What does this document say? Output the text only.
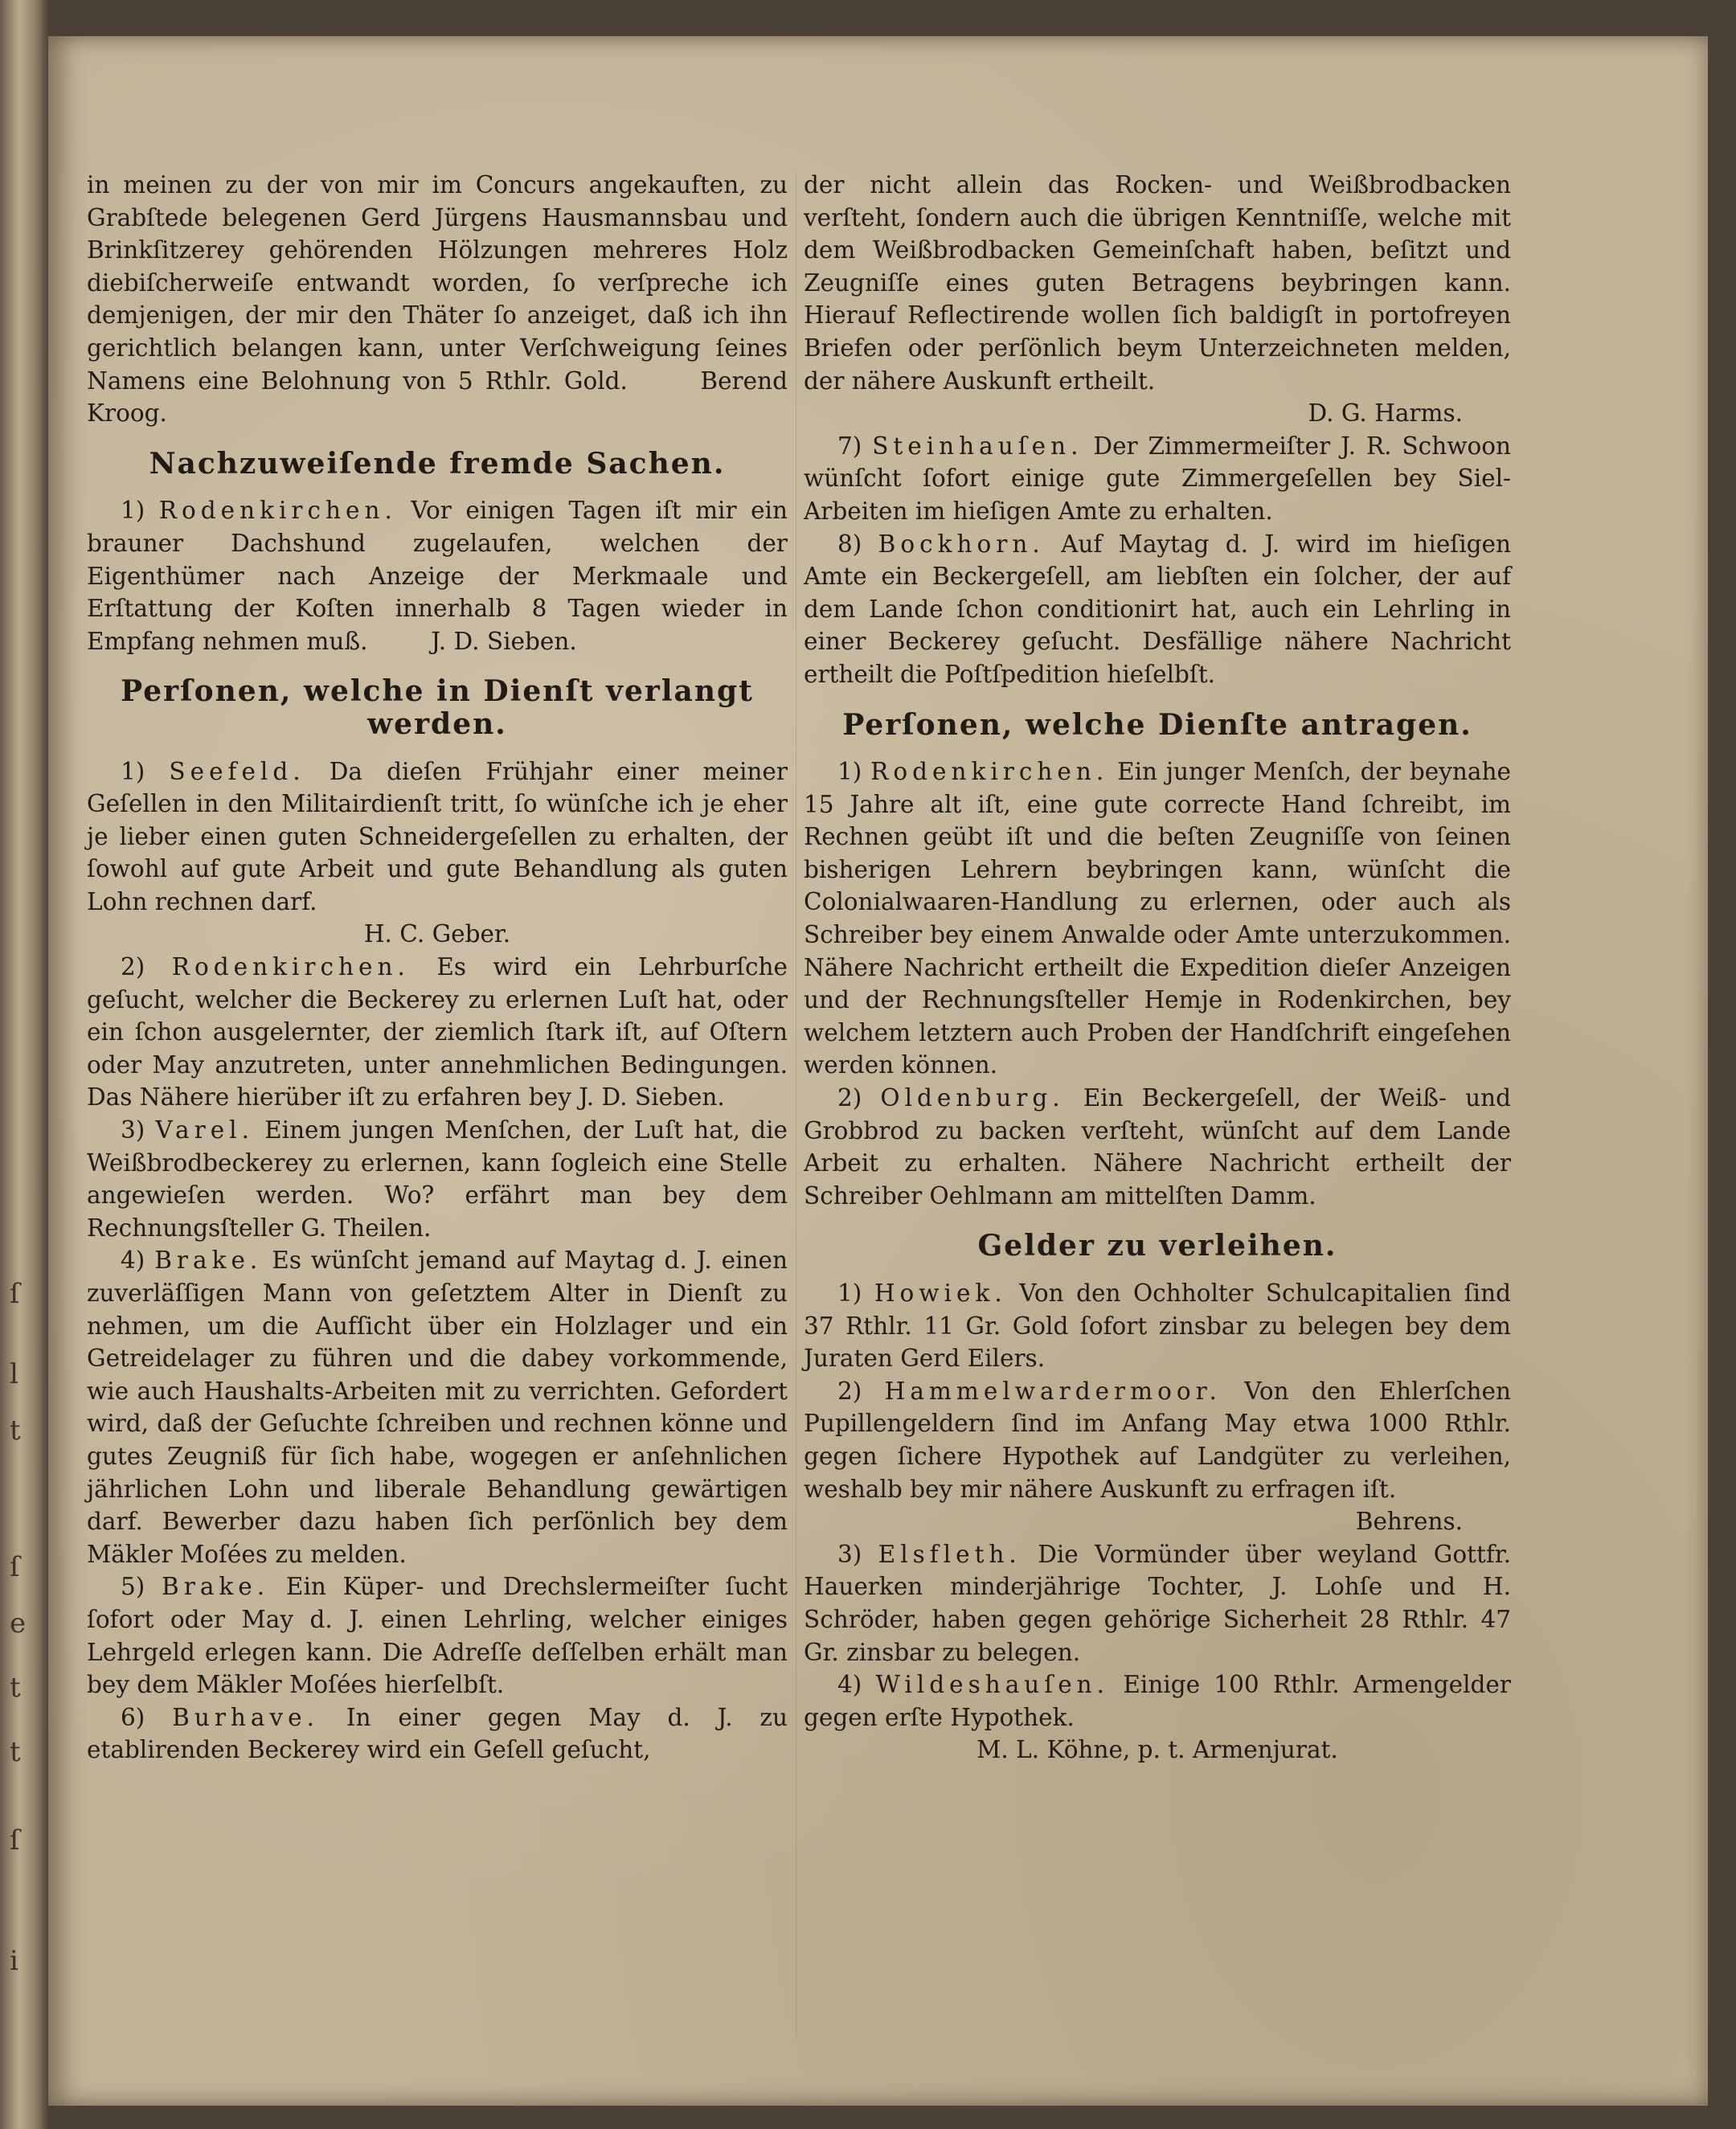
ſ
l
t
ſ
e
t
t
ſ
i

in meinen zu der von mir im Concurs angekauften, zu Grabſtede belegenen Gerd Jürgens Hausmannsbau und Brinkſitzerey gehörenden Hölzungen mehreres Holz diebiſcherweiſe entwandt worden, ſo verſpreche ich demjenigen, der mir den Thäter ſo anzeiget, daß ich ihn gerichtlich belangen kann, unter Verſchweigung ſeines Namens eine Belohnung von 5 Rthlr. Gold.	Berend Kroog.

Nachzuweiſende fremde Sachen.

1) Rodenkirchen. Vor einigen Tagen iſt mir ein brauner Dachshund zugelaufen, welchen der Eigenthümer nach Anzeige der Merkmaale und Erſtattung der Koſten innerhalb 8 Tagen wieder in Empfang nehmen muß.	J. D. Sieben.

Perſonen, welche in Dienſt verlangt werden.

1) Seefeld. Da dieſen Frühjahr einer meiner Geſellen in den Militairdienſt tritt, ſo wünſche ich je eher je lieber einen guten Schneidergeſellen zu erhalten, der ſowohl auf gute Arbeit und gute Behandlung als guten Lohn rechnen darf.

H. C. Geber.

2) Rodenkirchen. Es wird ein Lehrburſche geſucht, welcher die Beckerey zu erlernen Luſt hat, oder ein ſchon ausgelernter, der ziemlich ſtark iſt, auf Oſtern oder May anzutreten, unter annehmlichen Bedingungen. Das Nähere hierüber iſt zu erfahren bey J. D. Sieben.

3) Varel. Einem jungen Menſchen, der Luſt hat, die Weißbrodbeckerey zu erlernen, kann ſogleich eine Stelle angewieſen werden. Wo? erfährt man bey dem Rechnungsſteller G. Theilen.

4) Brake. Es wünſcht jemand auf Maytag d. J. einen zuverläſſigen Mann von geſetztem Alter in Dienſt zu nehmen, um die Aufſicht über ein Holzlager und ein Getreidelager zu führen und die dabey vorkommende, wie auch Haushalts-Arbeiten mit zu verrichten. Gefordert wird, daß der Geſuchte ſchreiben und rechnen könne und gutes Zeugniß für ſich habe, wogegen er anſehnlichen jährlichen Lohn und liberale Behandlung gewärtigen darf. Bewerber dazu haben ſich perſönlich bey dem Mäkler Moſées zu melden.

5) Brake. Ein Küper- und Drechslermeiſter ſucht ſofort oder May d. J. einen Lehrling, welcher einiges Lehrgeld erlegen kann. Die Adreſſe deſſelben erhält man bey dem Mäkler Moſées hierſelbſt.

6) Burhave. In einer gegen May d. J. zu etablirenden Beckerey wird ein Geſell geſucht,

der nicht allein das Rocken- und Weißbrodbacken verſteht, ſondern auch die übrigen Kenntniſſe, welche mit dem Weißbrodbacken Gemeinſchaft haben, beſitzt und Zeugniſſe eines guten Betragens beybringen kann. Hierauf Reflectirende wollen ſich baldigſt in portofreyen Briefen oder perſönlich beym Unterzeichneten melden, der nähere Auskunft ertheilt.

D. G. Harms.

7) Steinhauſen. Der Zimmermeiſter J. R. Schwoon wünſcht ſofort einige gute Zimmergeſellen bey Siel-Arbeiten im hieſigen Amte zu erhalten.

8) Bockhorn. Auf Maytag d. J. wird im hieſigen Amte ein Beckergeſell, am liebſten ein ſolcher, der auf dem Lande ſchon conditionirt hat, auch ein Lehrling in einer Beckerey geſucht. Desfällige nähere Nachricht ertheilt die Poſtſpedition hieſelbſt.

Perſonen, welche Dienſte antragen.

1) Rodenkirchen. Ein junger Menſch, der beynahe 15 Jahre alt iſt, eine gute correcte Hand ſchreibt, im Rechnen geübt iſt und die beſten Zeugniſſe von ſeinen bisherigen Lehrern beybringen kann, wünſcht die Colonialwaaren-Handlung zu erlernen, oder auch als Schreiber bey einem Anwalde oder Amte unterzukommen. Nähere Nachricht ertheilt die Expedition dieſer Anzeigen und der Rechnungsſteller Hemje in Rodenkirchen, bey welchem letztern auch Proben der Handſchrift eingeſehen werden können.

2) Oldenburg. Ein Beckergeſell, der Weiß- und Grobbrod zu backen verſteht, wünſcht auf dem Lande Arbeit zu erhalten. Nähere Nachricht ertheilt der Schreiber Oehlmann am mittelſten Damm.

Gelder zu verleihen.

1) Howiek. Von den Ochholter Schulcapitalien ſind 37 Rthlr. 11 Gr. Gold ſofort zinsbar zu belegen bey dem Juraten Gerd Eilers.

2) Hammelwardermoor. Von den Ehlerſchen Pupillengeldern ſind im Anfang May etwa 1000 Rthlr. gegen ſichere Hypothek auf Landgüter zu verleihen, weshalb bey mir nähere Auskunft zu erfragen iſt.

Behrens.

3) Elsfleth. Die Vormünder über weyland Gottfr. Hauerken minderjährige Tochter, J. Lohſe und H. Schröder, haben gegen gehörige Sicherheit 28 Rthlr. 47 Gr. zinsbar zu belegen.

4) Wildeshauſen. Einige 100 Rthlr. Armengelder gegen erſte Hypothek.

M. L. Köhne, p. t. Armenjurat.
